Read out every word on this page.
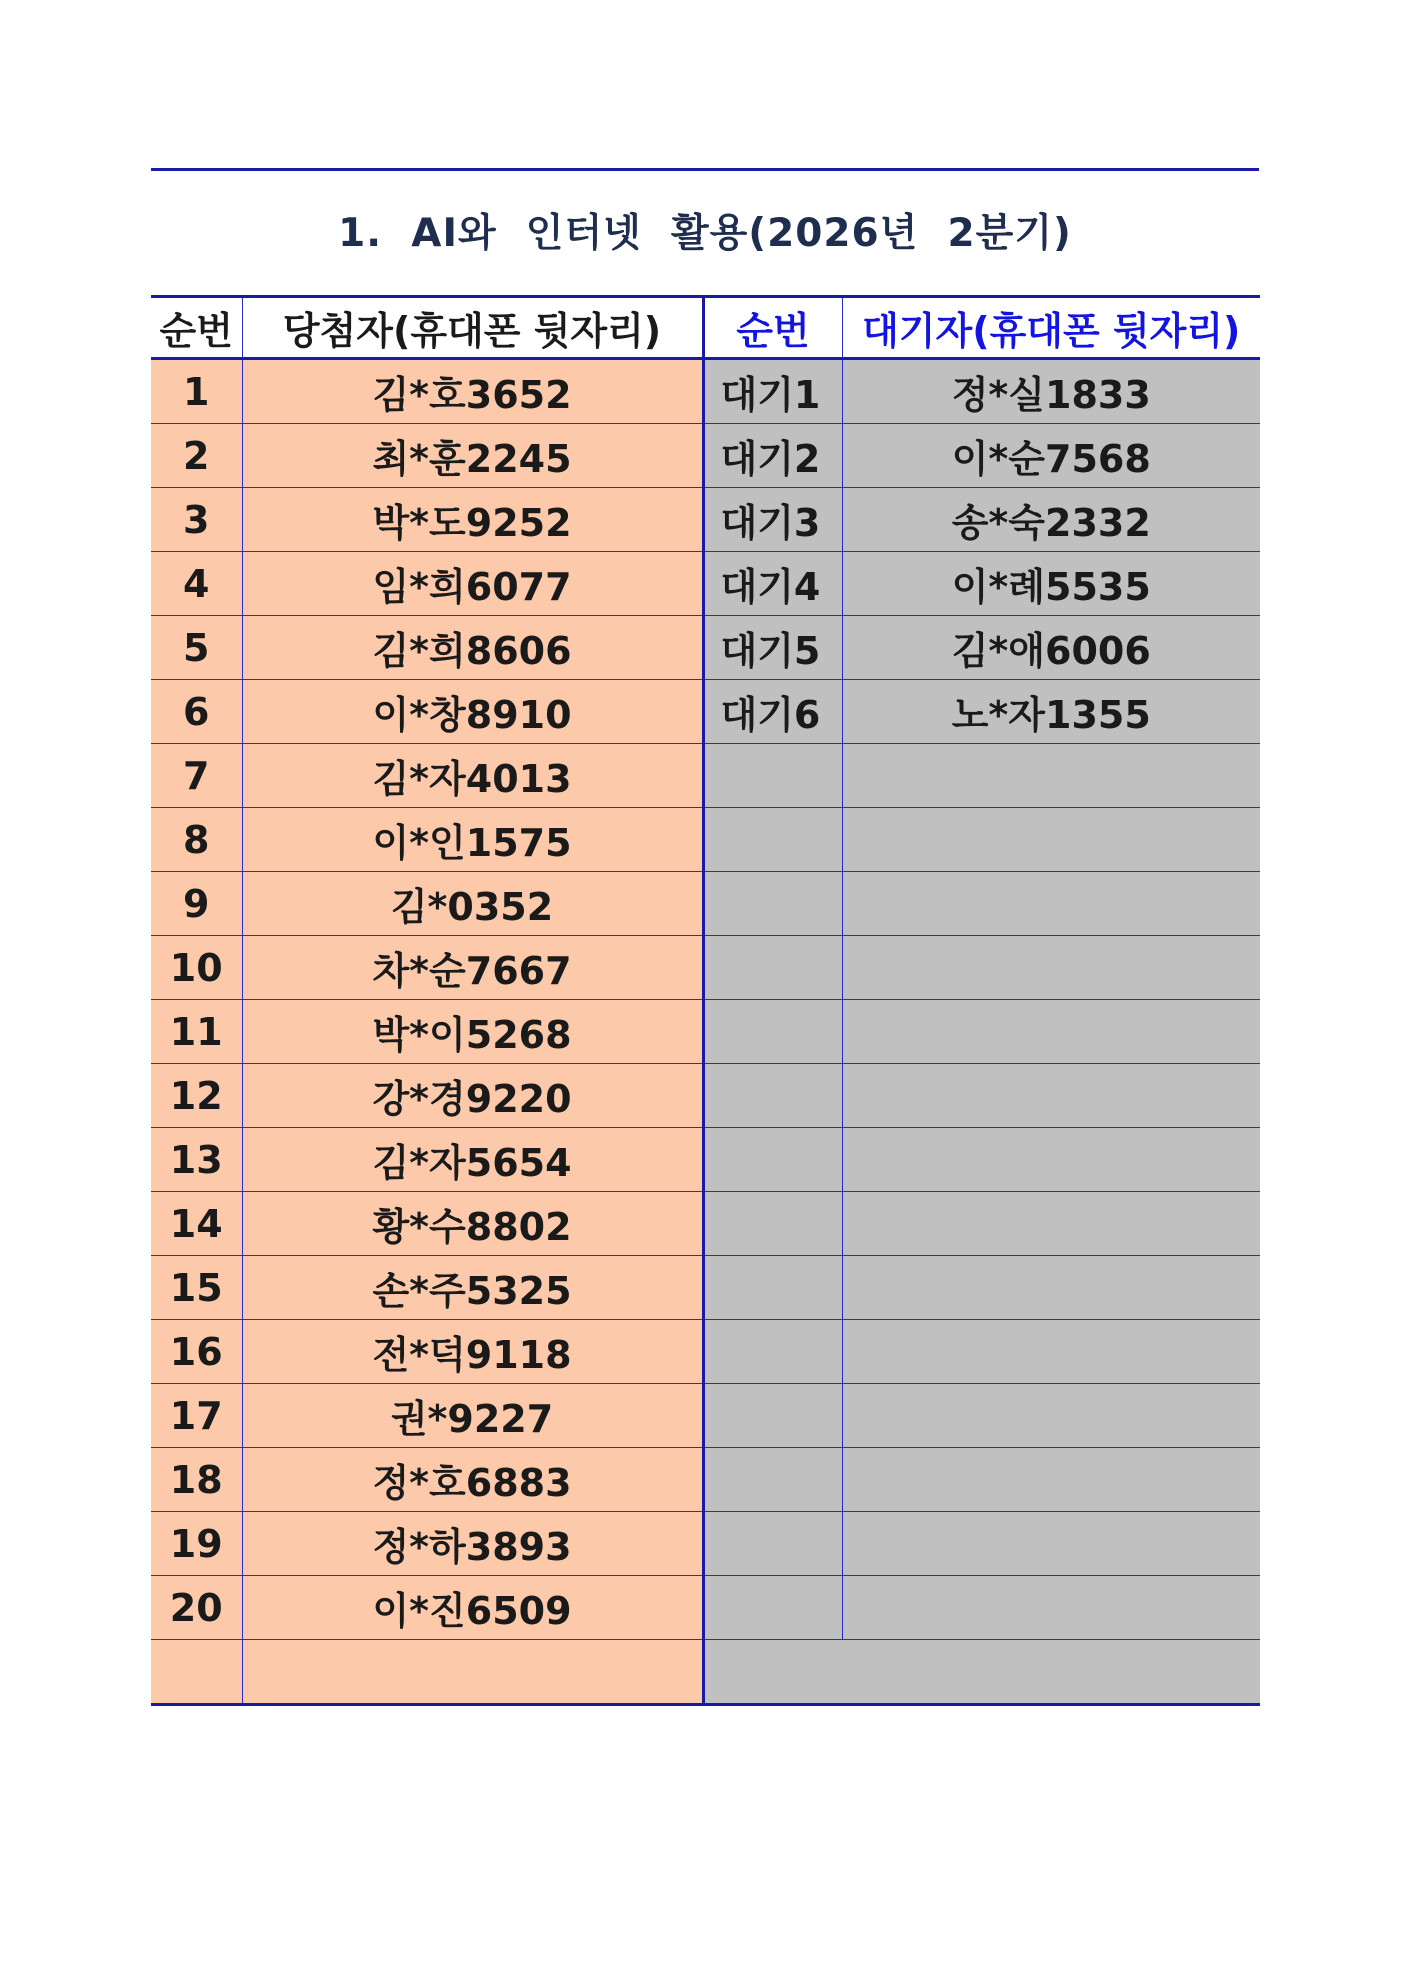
1.  AI와  인터넷  활용(2026년  2분기)
순번	당첨자(휴대폰 뒷자리)	순번	대기자(휴대폰 뒷자리)
1	김*호3652	대기1	정*실1833
2	최*훈2245	대기2	이*순7568
3	박*도9252	대기3	송*숙2332
4	임*희6077	대기4	이*례5535
5	김*희8606	대기5	김*애6006
6	이*창8910	대기6	노*자1355
7	김*자4013		
8	이*인1575		
9	김*0352		
10	차*순7667		
11	박*이5268		
12	강*경9220		
13	김*자5654		
14	황*수8802		
15	손*주5325		
16	전*덕9118		
17	권*9227		
18	정*호6883		
19	정*하3893		
20	이*진6509		
